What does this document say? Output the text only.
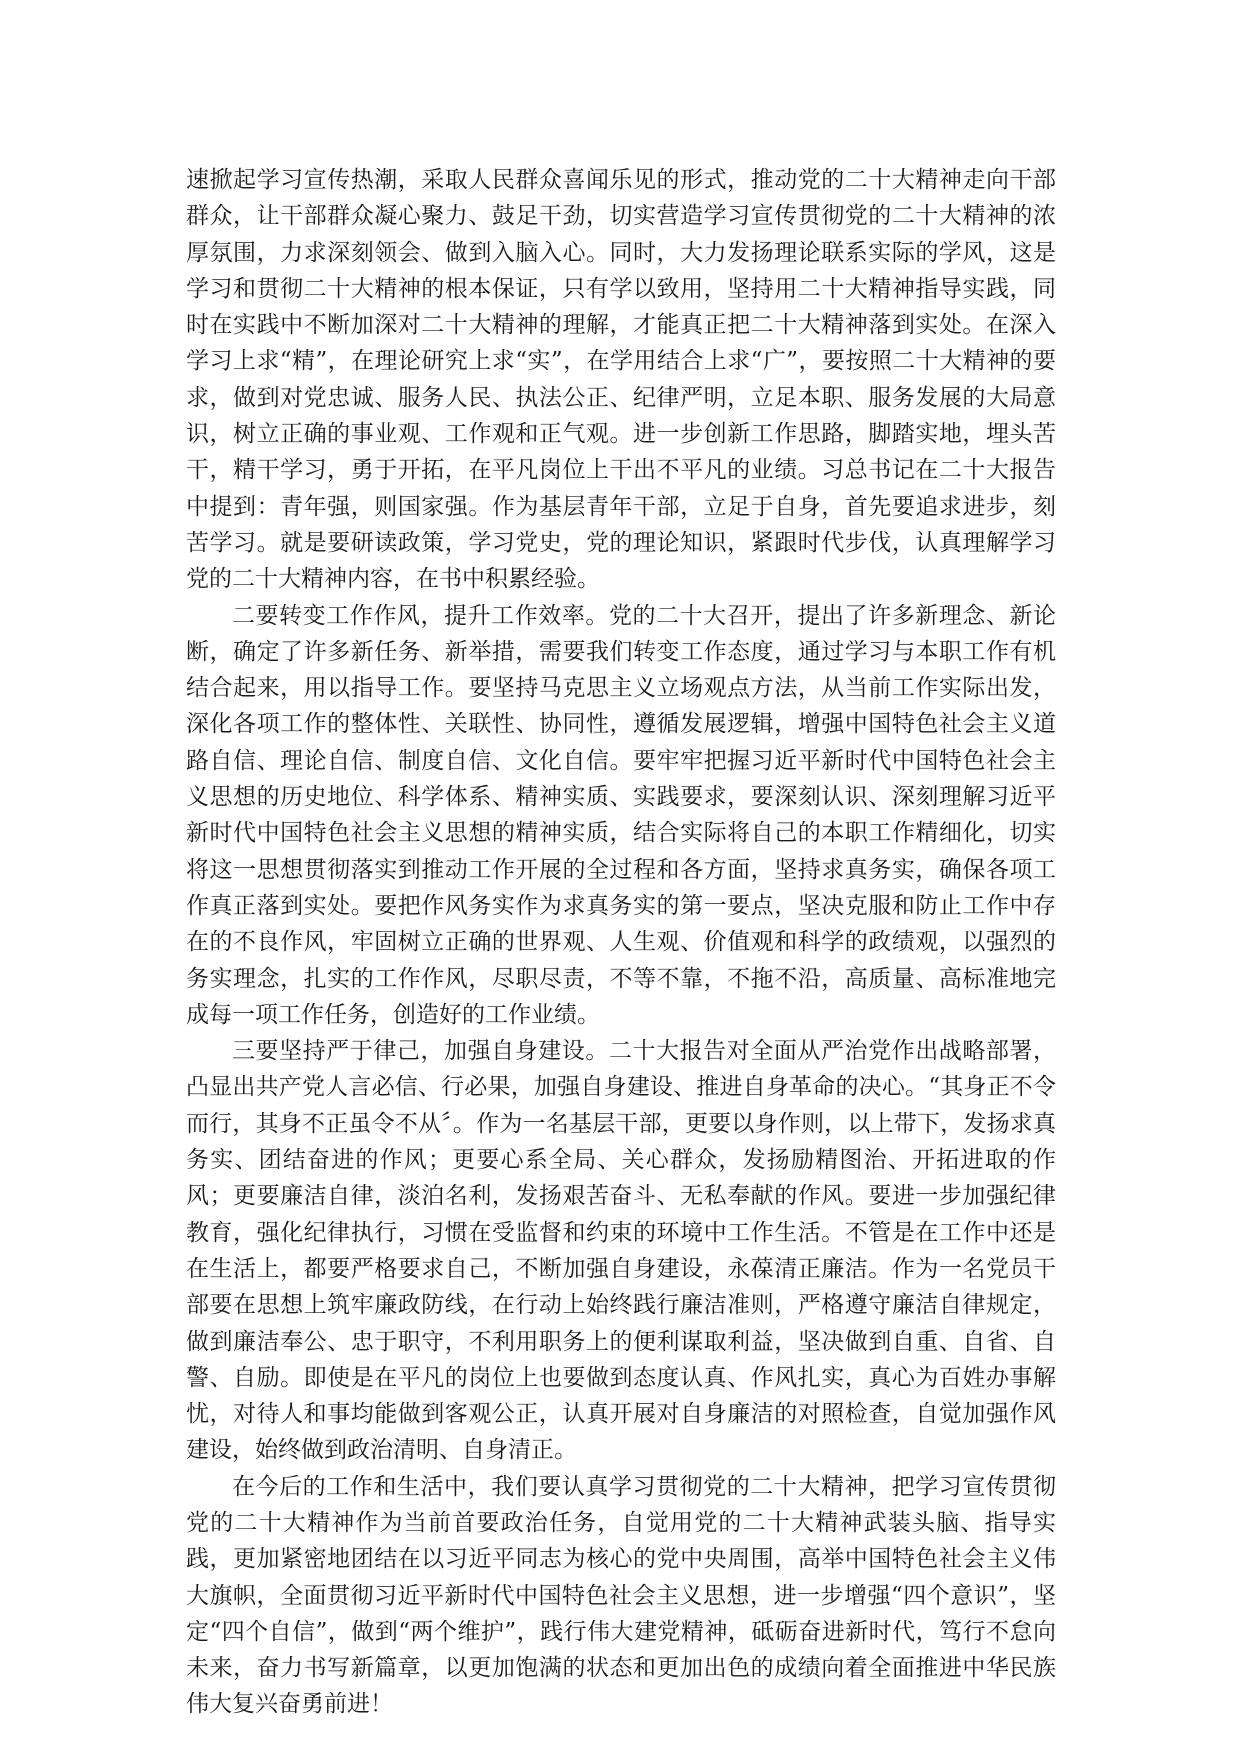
速掀起学习宣传热潮，采取人民群众喜闻乐见的形式，推动党的二十大精神走向干部群众，让干部群众凝心聚力、鼓足干劲，切实营造学习宣传贯彻党的二十大精神的浓厚氛围，力求深刻领会、做到入脑入心。同时，大力发扬理论联系实际的学风，这是学习和贯彻二十大精神的根本保证，只有学以致用，坚持用二十大精神指导实践，同时在实践中不断加深对二十大精神的理解，才能真正把二十大精神落到实处。在深入学习上求“精”，在理论研究上求“实”，在学用结合上求“广”，要按照二十大精神的要求，做到对党忠诚、服务人民、执法公正、纪律严明，立足本职、服务发展的大局意识，树立正确的事业观、工作观和正气观。进一步创新工作思路，脚踏实地，埋头苦干，精干学习，勇于开拓，在平凡岗位上干出不平凡的业绩。习总书记在二十大报告中提到：青年强，则国家强。作为基层青年干部，立足于自身，首先要追求进步，刻苦学习。就是要研读政策，学习党史，党的理论知识，紧跟时代步伐，认真理解学习党的二十大精神内容，在书中积累经验。

二要转变工作作风，提升工作效率。党的二十大召开，提出了许多新理念、新论断，确定了许多新任务、新举措，需要我们转变工作态度，通过学习与本职工作有机结合起来，用以指导工作。要坚持马克思主义立场观点方法，从当前工作实际出发，深化各项工作的整体性、关联性、协同性，遵循发展逻辑，增强中国特色社会主义道路自信、理论自信、制度自信、文化自信。要牢牢把握习近平新时代中国特色社会主义思想的历史地位、科学体系、精神实质、实践要求，要深刻认识、深刻理解习近平新时代中国特色社会主义思想的精神实质，结合实际将自己的本职工作精细化，切实将这一思想贯彻落实到推动工作开展的全过程和各方面，坚持求真务实，确保各项工作真正落到实处。要把作风务实作为求真务实的第一要点，坚决克服和防止工作中存在的不良作风，牢固树立正确的世界观、人生观、价值观和科学的政绩观，以强烈的务实理念，扎实的工作作风，尽职尽责，不等不靠，不拖不沿，高质量、高标准地完成每一项工作任务，创造好的工作业绩。

三要坚持严于律己，加强自身建设。二十大报告对全面从严治党作出战略部署，凸显出共产党人言必信、行必果，加强自身建设、推进自身革命的决心。“其身正不令而行，其身不正虽令不从〞。作为一名基层干部，更要以身作则，以上带下，发扬求真务实、团结奋进的作风；更要心系全局、关心群众，发扬励精图治、开拓进取的作风；更要廉洁自律，淡泊名利，发扬艰苦奋斗、无私奉献的作风。要进一步加强纪律教育，强化纪律执行，习惯在受监督和约束的环境中工作生活。不管是在工作中还是在生活上，都要严格要求自己，不断加强自身建设，永葆清正廉洁。作为一名党员干部要在思想上筑牢廉政防线，在行动上始终践行廉洁准则，严格遵守廉洁自律规定，做到廉洁奉公、忠于职守，不利用职务上的便利谋取利益，坚决做到自重、自省、自警、自励。即使是在平凡的岗位上也要做到态度认真、作风扎实，真心为百姓办事解忧，对待人和事均能做到客观公正，认真开展对自身廉洁的对照检查，自觉加强作风建设，始终做到政治清明、自身清正。

在今后的工作和生活中，我们要认真学习贯彻党的二十大精神，把学习宣传贯彻党的二十大精神作为当前首要政治任务，自觉用党的二十大精神武装头脑、指导实践，更加紧密地团结在以习近平同志为核心的党中央周围，高举中国特色社会主义伟大旗帜，全面贯彻习近平新时代中国特色社会主义思想，进一步增强“四个意识”，坚定“四个自信”，做到“两个维护”，践行伟大建党精神，砥砺奋进新时代，笃行不怠向未来，奋力书写新篇章，以更加饱满的状态和更加出色的成绩向着全面推进中华民族伟大复兴奋勇前进！
